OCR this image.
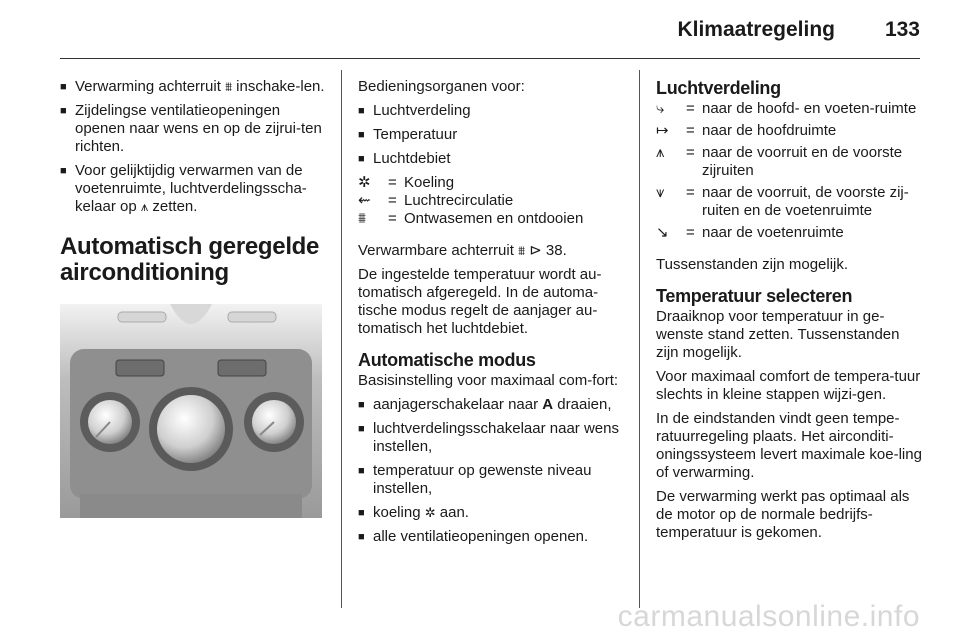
Klimaatregeling 133
■ Verwarming achterruit ⩩ inschake-len.
■ Zijdelingse ventilatieopeningen openen naar wens en op de zijrui-ten richten.
■ Voor gelijktijdig verwarmen van de voetenruimte, luchtverdelingsscha-kelaar op ⩚ zetten.
Automatisch geregelde airconditioning

Bedieningsorganen voor:

■ Luchtverdeling
■ Temperatuur
■ Luchtdebiet
✲	= Koeling
⇜	= Luchtrecirculatie
⩩	= Ontwasemen en ontdooien

Verwarmbare achterruit ⩩ ⊳ 38.

De ingestelde temperatuur wordt au-tomatisch afgeregeld. In de automa-tische modus regelt de aanjager au-tomatisch het luchtdebiet.

Automatische modus

Basisinstelling voor maximaal com-fort:

■ aanjagerschakelaar naar A draaien,
■ luchtverdelingsschakelaar naar wens instellen,
■ temperatuur op gewenste niveau instellen,
■ koeling ✲ aan.
■ alle ventilatieopeningen openen.
Luchtverdeling
⤷	= naar de hoofd- en voeten-ruimte
↦	= naar de hoofdruimte
⩚	= naar de voorruit en de voorste zijruiten
⩛	= naar de voorruit, de voorste zij-ruiten en de voetenruimte
↘	= naar de voetenruimte

Tussenstanden zijn mogelijk.

Temperatuur selecteren

Draaiknop voor temperatuur in ge-wenste stand zetten. Tussenstanden zijn mogelijk.

Voor maximaal comfort de tempera-tuur slechts in kleine stappen wijzi-gen.

In de eindstanden vindt geen tempe-ratuurregeling plaats. Het airconditi-oningssysteem levert maximale koe-ling of verwarming.

De verwarming werkt pas optimaal als de motor op de normale bedrijfs-temperatuur is gekomen.

carmanualsonline.info
